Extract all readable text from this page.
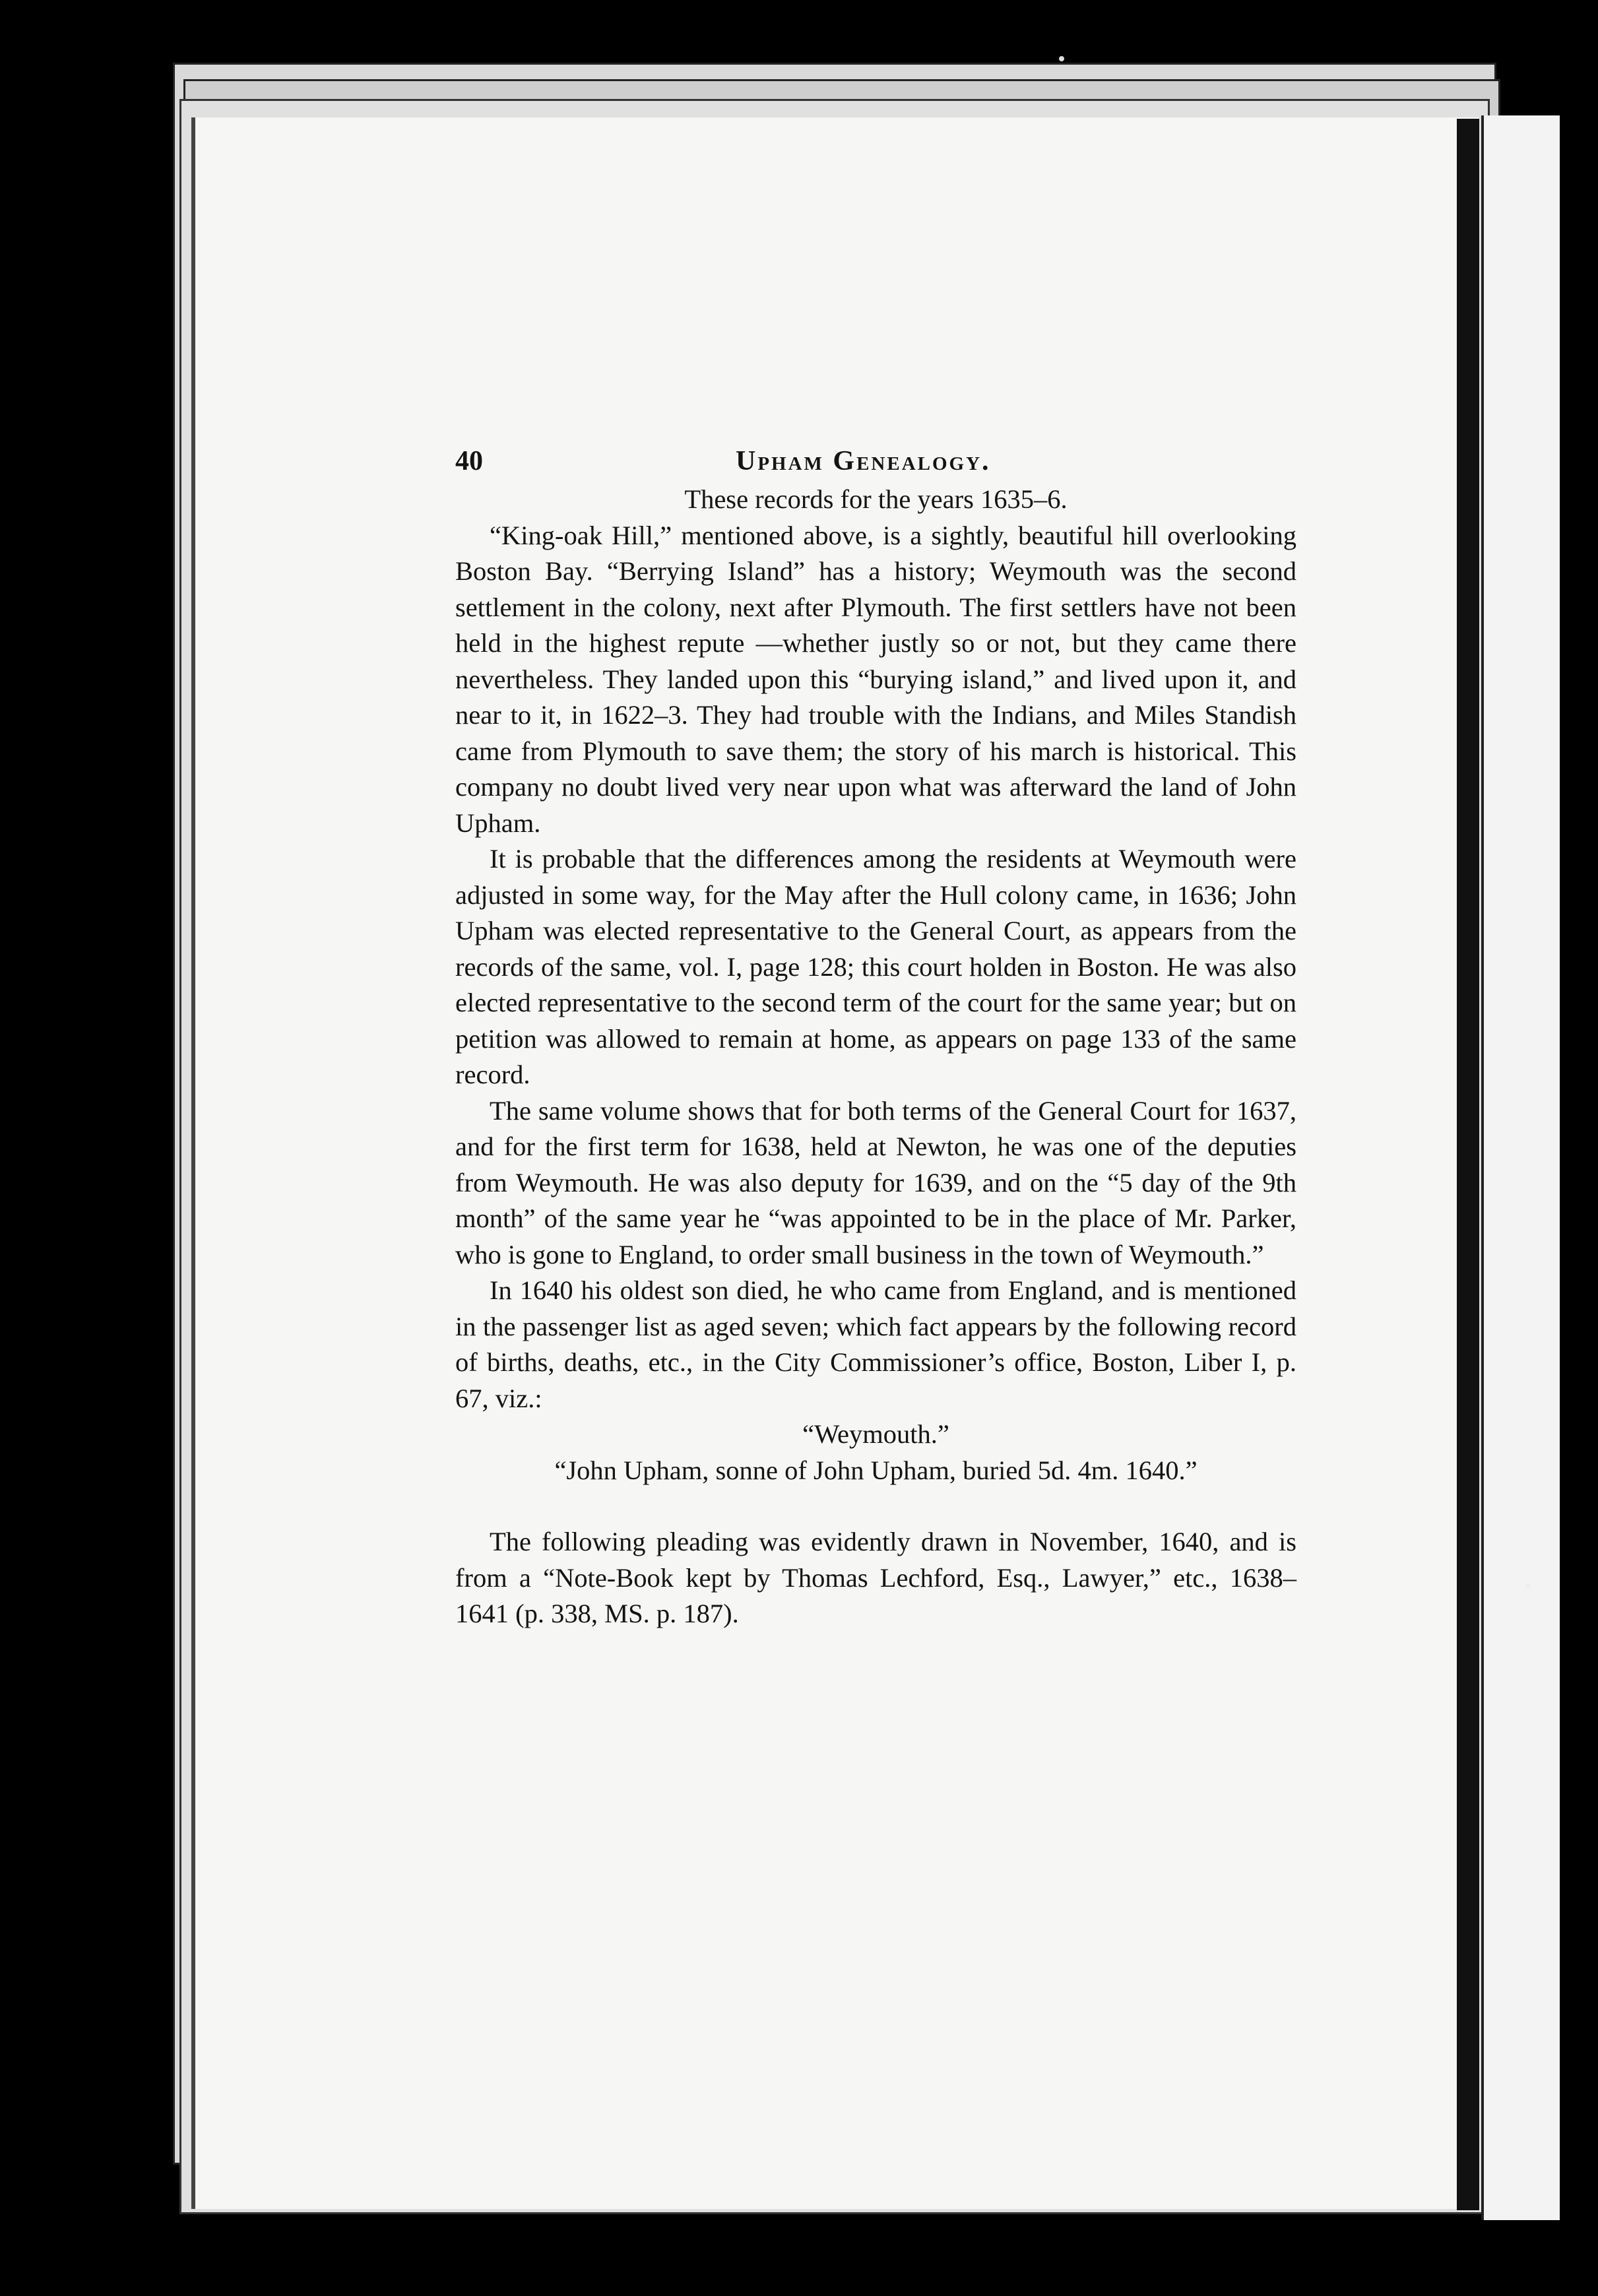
40	Upham Genealogy.

These records for the years 1635–6.

“King-oak Hill,” mentioned above, is a sightly, beautiful hill overlooking Boston Bay. “Berrying Island” has a history; Weymouth was the second settlement in the colony, next after Plymouth. The first settlers have not been held in the highest repute —whether justly so or not, but they came there nevertheless. They landed upon this “burying island,” and lived upon it, and near to it, in 1622–3. They had trouble with the Indians, and Miles Standish came from Plymouth to save them; the story of his march is historical. This company no doubt lived very near upon what was afterward the land of John Upham.

It is probable that the differences among the residents at Weymouth were adjusted in some way, for the May after the Hull colony came, in 1636; John Upham was elected representative to the General Court, as appears from the records of the same, vol. I, page 128; this court holden in Boston. He was also elected representative to the second term of the court for the same year; but on petition was allowed to remain at home, as appears on page 133 of the same record.

The same volume shows that for both terms of the General Court for 1637, and for the first term for 1638, held at Newton, he was one of the deputies from Weymouth. He was also deputy for 1639, and on the “5 day of the 9th month” of the same year he “was appointed to be in the place of Mr. Parker, who is gone to England, to order small business in the town of Weymouth.”

In 1640 his oldest son died, he who came from England, and is mentioned in the passenger list as aged seven; which fact appears by the following record of births, deaths, etc., in the City Commissioner’s office, Boston, Liber I, p. 67, viz.:

“Weymouth.”

“John Upham, sonne of John Upham, buried 5d. 4m. 1640.”

The following pleading was evidently drawn in November, 1640, and is from a “Note-Book kept by Thomas Lechford, Esq., Lawyer,” etc., 1638–1641 (p. 338, MS. p. 187).
